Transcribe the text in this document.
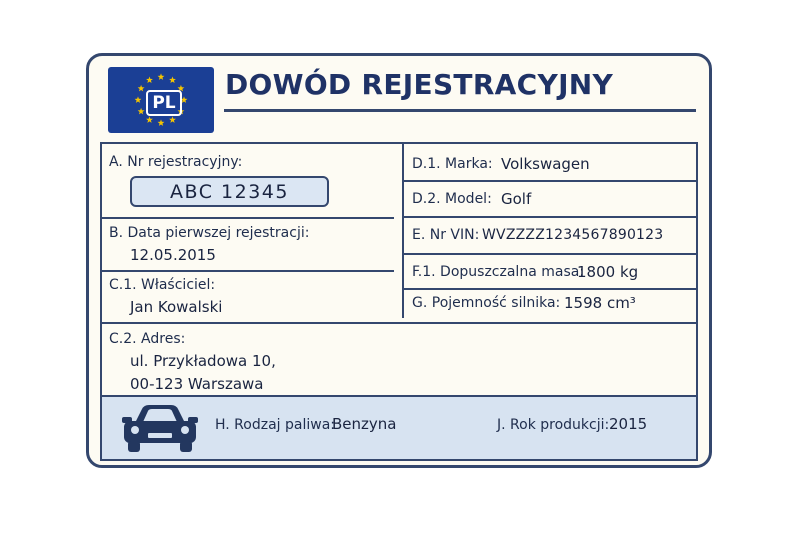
PL
DOWÓD REJESTRACYJNY
A. Nr rejestracyjny:
ABC 12345
B. Data pierwszej rejestracji:
12.05.2015
C.1. Właściciel:
Jan Kowalski
C.2. Adres:
ul. Przykładowa 10,
00-123 Warszawa
D.1. Marka: Volkswagen
D.2. Model: Golf
E. Nr VIN: WVZZZZ1234567890123
F.1. Dopuszczalna masa:
1800 kg
G. Pojemność silnika: 1598 cm³
H. Rodzaj paliwa:
Benzyna	J. Rok produkcji: 2015
